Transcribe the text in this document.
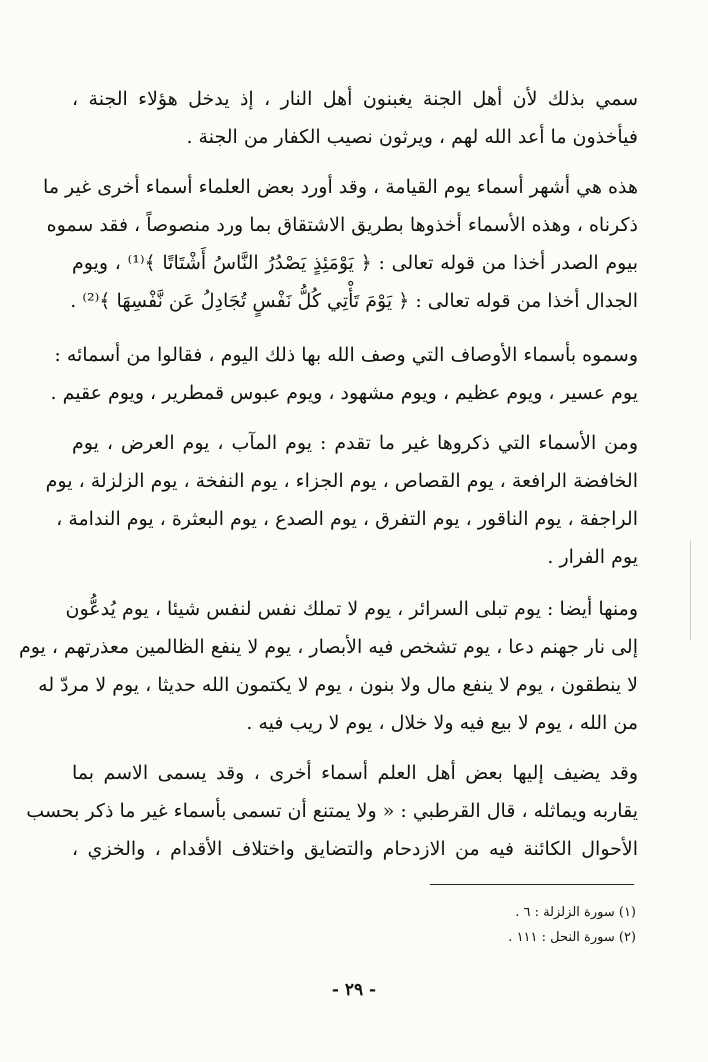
سمي بذلك لأن أهل الجنة يغبنون أهل النار ، إذ يدخل هؤلاء الجنة ،
فيأخذون ما أعد الله لهم ، ويرثون نصيب الكفار من الجنة .
هذه هي أشهر أسماء يوم القيامة ، وقد أورد بعض العلماء أسماء أخرى غير ما
ذكرناه ، وهذه الأسماء أخذوها بطريق الاشتقاق بما ورد منصوصاً ، فقد سموه
بيوم الصدر أخذا من قوله تعالى : ﴿ يَوْمَئِذٍ يَصْدُرُ النَّاسُ أَشْتَاتًا ﴾⁽¹⁾ ، ويوم
الجدال أخذا من قوله تعالى : ﴿ يَوْمَ تَأْتِي كُلُّ نَفْسٍ تُجَادِلُ عَن نَّفْسِهَا ﴾⁽²⁾ .
وسموه بأسماء الأوصاف التي وصف الله بها ذلك اليوم ، فقالوا من أسمائه :
يوم عسير ، ويوم عظيم ، ويوم مشهود ، ويوم عبوس قمطرير ، ويوم عقيم .
ومن الأسماء التي ذكروها غير ما تقدم : يوم المآب ، يوم العرض ، يوم
الخافضة الرافعة ، يوم القصاص ، يوم الجزاء ، يوم النفخة ، يوم الزلزلة ، يوم
الراجفة ، يوم الناقور ، يوم التفرق ، يوم الصدع ، يوم البعثرة ، يوم الندامة ،
يوم الفرار .
ومنها أيضا : يوم تبلى السرائر ، يوم لا تملك نفس لنفس شيئا ، يوم يُدعُّون
إلى نار جهنم دعا ، يوم تشخص فيه الأبصار ، يوم لا ينفع الظالمين معذرتهم ، يوم
لا ينطقون ، يوم لا ينفع مال ولا بنون ، يوم لا يكتمون الله حديثا ، يوم لا مردّ له
من الله ، يوم لا بيع فيه ولا خلال ، يوم لا ريب فيه .
وقد يضيف إليها بعض أهل العلم أسماء أخرى ، وقد يسمى الاسم بما
يقاربه ويماثله ، قال القرطبي : « ولا يمتنع أن تسمى بأسماء غير ما ذكر بحسب
الأحوال الكائنة فيه من الازدحام والتضايق واختلاف الأقدام ، والخزي ،
(١) سورة الزلزلة : ٦ .
(٢) سورة النحل : ١١١ .
- ٢٩ -
